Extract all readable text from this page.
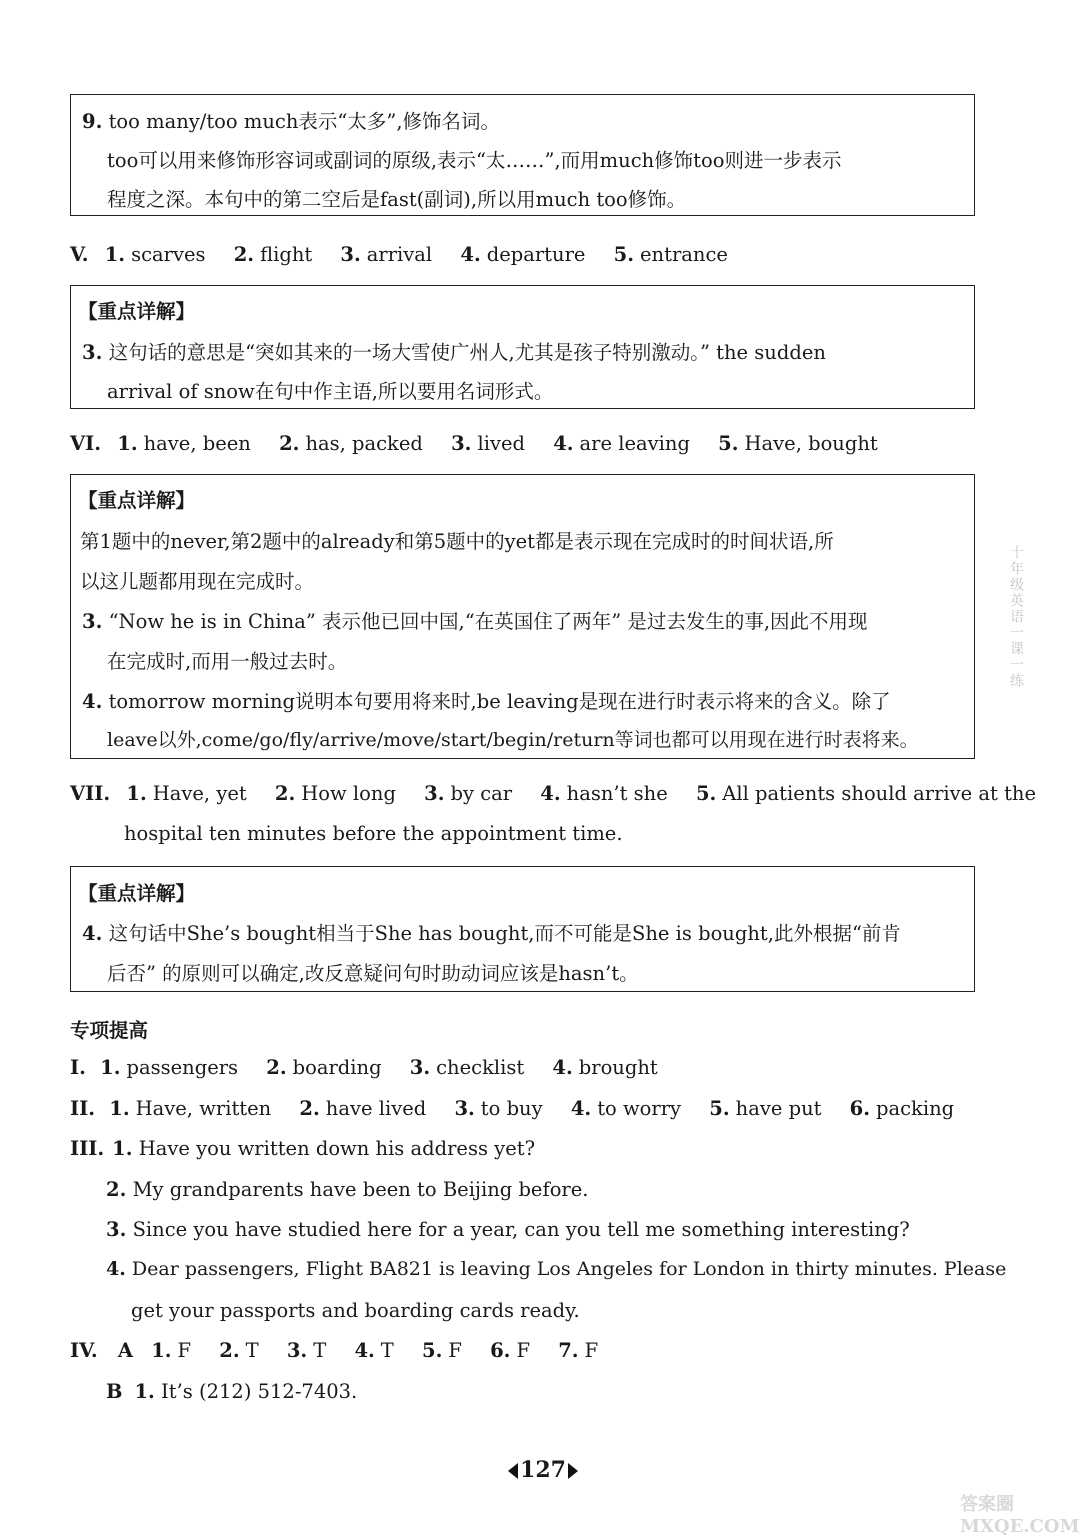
9. too many/too much表示“太多”,修饰名词。
too可以用来修饰形容词或副词的原级,表示“太……”,而用much修饰too则进一步表示
程度之深。本句中的第二空后是fast(副词),所以用much too修饰。
V. 1. scarves 2. flight 3. arrival 4. departure 5. entrance
【重点详解】
3. 这句话的意思是“突如其来的一场大雪使广州人,尤其是孩子特别激动。” the sudden
arrival of snow在句中作主语,所以要用名词形式。
VI. 1. have, been 2. has, packed 3. lived 4. are leaving 5. Have, bought
【重点详解】
第1题中的never,第2题中的already和第5题中的yet都是表示现在完成时的时间状语,所
以这儿题都用现在完成时。
3. “Now he is in China” 表示他已回中国,“在英国住了两年” 是过去发生的事,因此不用现
在完成时,而用一般过去时。
4. tomorrow morning说明本句要用将来时,be leaving是现在进行时表示将来的含义。除了
leave以外,come/go/fly/arrive/move/start/begin/return等词也都可以用现在进行时表将来。
VII. 1. Have, yet 2. How long 3. by car 4. hasn’t she 5. All patients should arrive at the
hospital ten minutes before the appointment time.
【重点详解】
4. 这句话中She’s bought相当于She has bought,而不可能是She is bought,此外根据“前肯
后否” 的原则可以确定,改反意疑问句时助动词应该是hasn’t。
专项提高
I. 1. passengers 2. boarding 3. checklist 4. brought
II. 1. Have, written 2. have lived 3. to buy 4. to worry 5. have put 6. packing
III. 1. Have you written down his address yet?
2. My grandparents have been to Beijing before.
3. Since you have studied here for a year, can you tell me something interesting?
4. Dear passengers, Flight BA821 is leaving Los Angeles for London in thirty minutes. Please
get your passports and boarding cards ready.
IV. A 1. F 2. T 3. T 4. T 5. F 6. F 7. F
B 1. It’s (212) 512-7403.
127
十年级英语一课一练
答案圈 MXQE.COM
